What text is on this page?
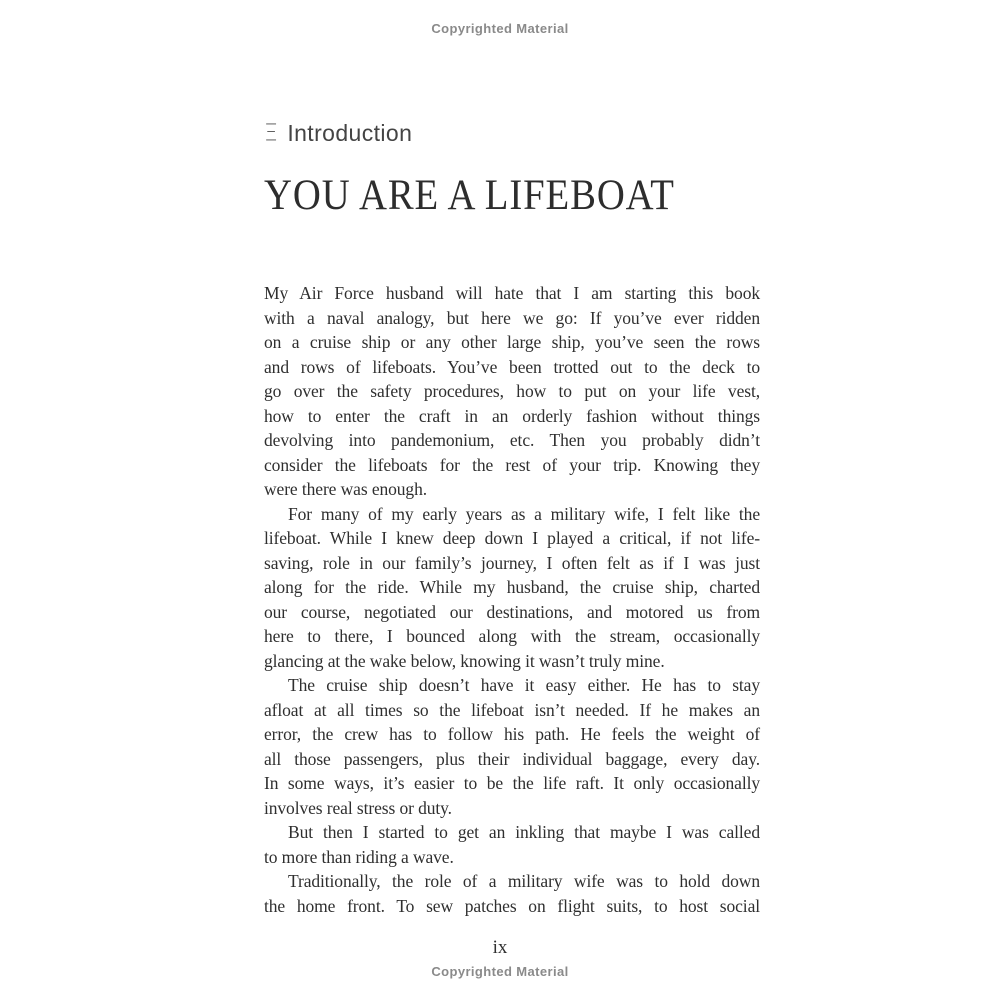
Copyrighted Material
Ξ Introduction
YOU ARE A LIFEBOAT
My Air Force husband will hate that I am starting this book
with a naval analogy, but here we go: If you’ve ever ridden
on a cruise ship or any other large ship, you’ve seen the rows
and rows of lifeboats. You’ve been trotted out to the deck to
go over the safety procedures, how to put on your life vest,
how to enter the craft in an orderly fashion without things
devolving into pandemonium, etc. Then you probably didn’t
consider the lifeboats for the rest of your trip. Knowing they
were there was enough.
For many of my early years as a military wife, I felt like the
lifeboat. While I knew deep down I played a critical, if not life-
saving, role in our family’s journey, I often felt as if I was just
along for the ride. While my husband, the cruise ship, charted
our course, negotiated our destinations, and motored us from
here to there, I bounced along with the stream, occasionally
glancing at the wake below, knowing it wasn’t truly mine.
The cruise ship doesn’t have it easy either. He has to stay
afloat at all times so the lifeboat isn’t needed. If he makes an
error, the crew has to follow his path. He feels the weight of
all those passengers, plus their individual baggage, every day.
In some ways, it’s easier to be the life raft. It only occasionally
involves real stress or duty.
But then I started to get an inkling that maybe I was called
to more than riding a wave.
Traditionally, the role of a military wife was to hold down
the home front. To sew patches on flight suits, to host social
ix
Copyrighted Material
